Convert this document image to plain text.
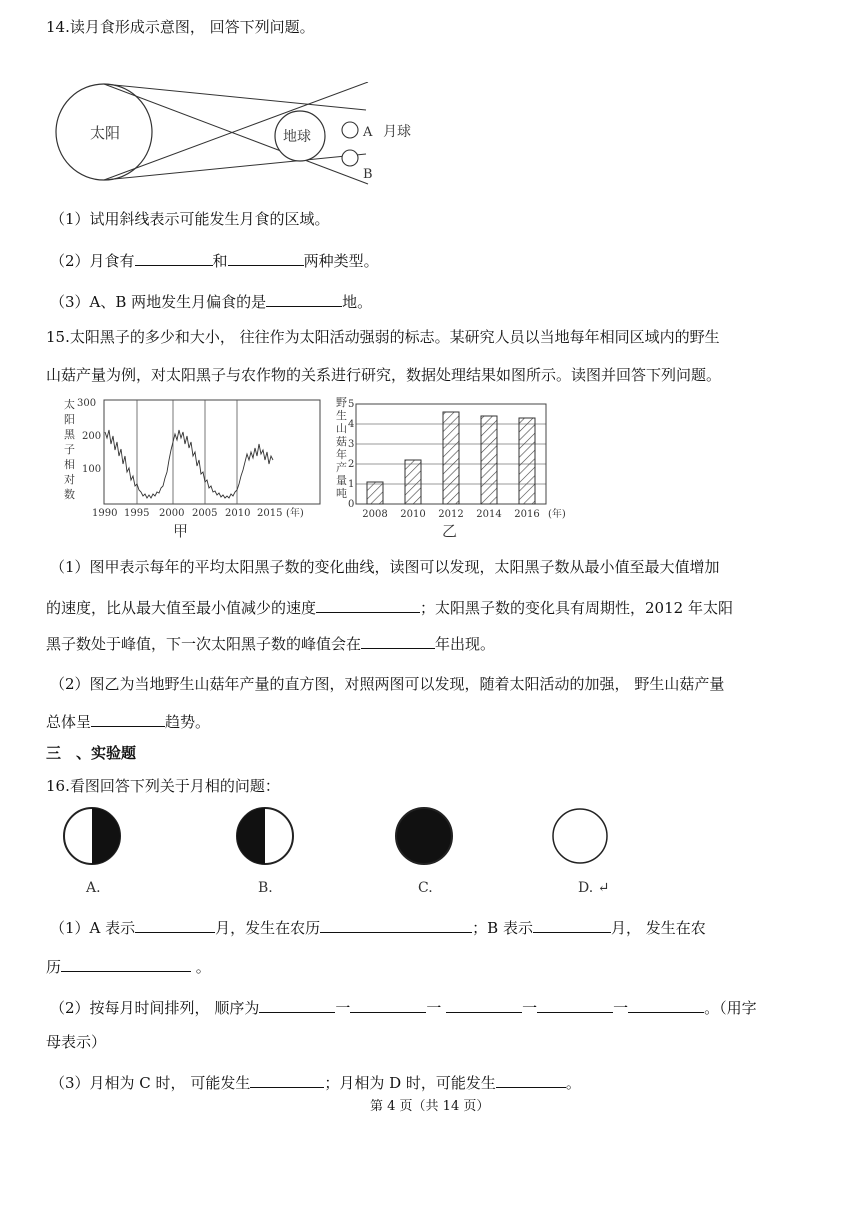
14.读月食形成示意图， 回答下列问题。
太阳	地球	A 月球
B
（1）试用斜线表示可能发生月食的区域。
（2）月食有	和	两种类型。
（3）A、B 两地发生月偏食的是	地。
15.太阳黑子的多少和大小， 往往作为太阳活动强弱的标志。某研究人员以当地每年相同区域内的野生
山菇产量为例，对太阳黑子与农作物的关系进行研究，数据处理结果如图所示。读图并回答下列问题。
太
阳
黑
子
相
对
数
300
200
100
1990 1995 2000 2005 2010 2015 (年)
甲
5
4
3
2
1
0
2008 2010 2012 2014 2016
野
生
山
菇
年
产
量
吨
(年)
乙
（1）图甲表示每年的平均太阳黑子数的变化曲线，读图可以发现，太阳黑子数从最小值至最大值增加
的速度，比从最大值至最小值减少的速度	；太阳黑子数的变化具有周期性，2012 年太阳
黑子数处于峰值，下一次太阳黑子数的峰值会在	年出现。
（2）图乙为当地野生山菇年产量的直方图，对照两图可以发现，随着太阳活动的加强， 野生山菇产量
总体呈	趋势。
三　、实验题
16.看图回答下列关于月相的问题：
A.	B.	C.	D. ↵
（1）A 表示	月，发生在农历	；B 表示	月， 发生在农
历	。
（2）按每月时间排列， 顺序为	一	一	一	一	。（用字
母表示）
（3）月相为 C 时， 可能发生	；月相为 D 时，可能发生	。
第 4 页（共 14 页）
